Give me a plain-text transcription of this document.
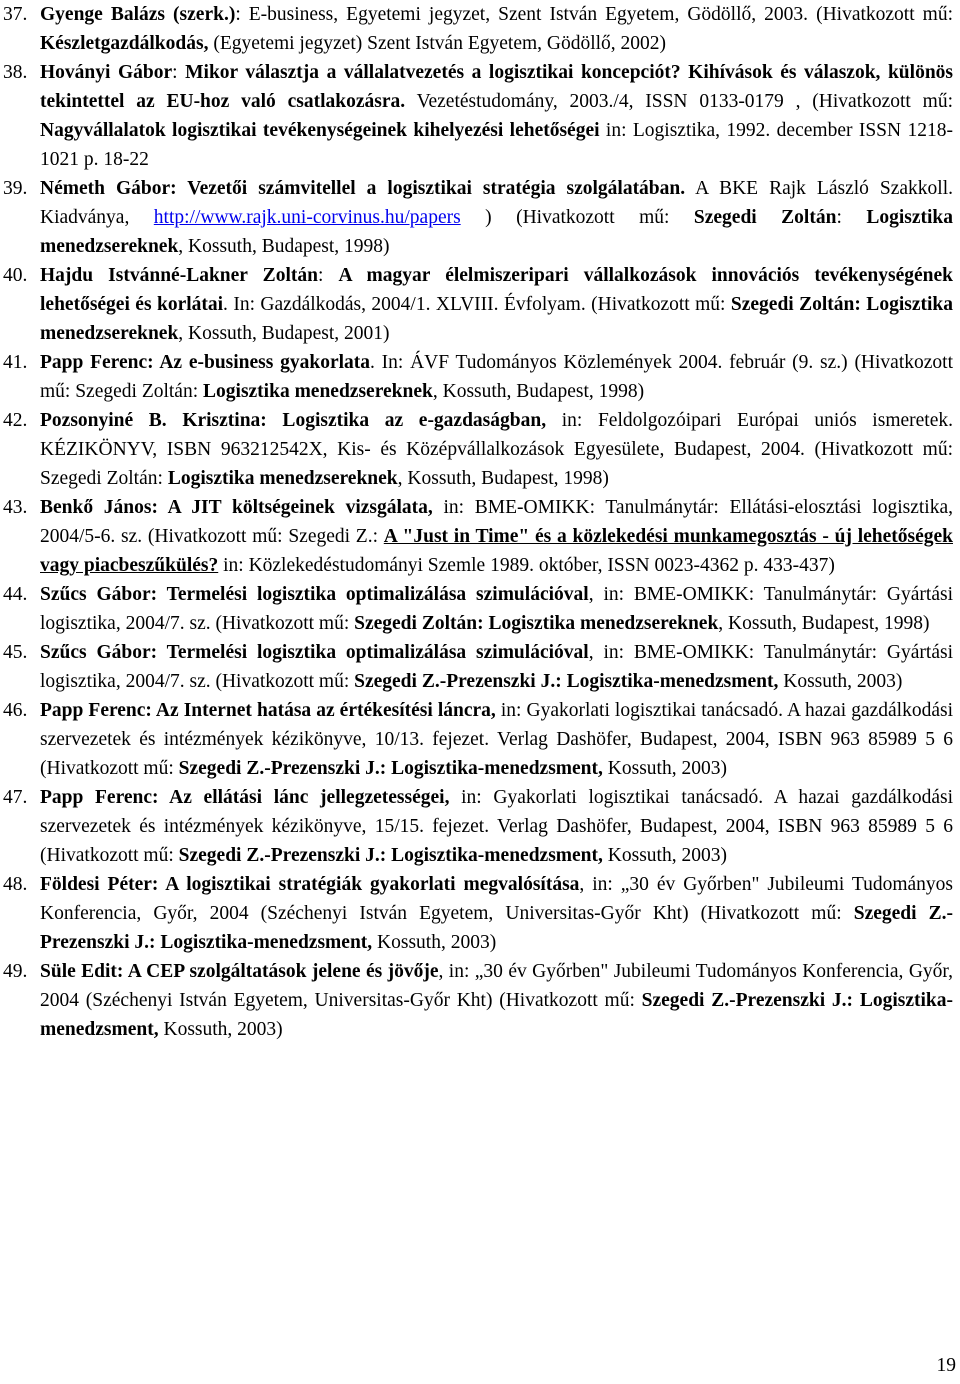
37. Gyenge Balázs (szerk.): E-business, Egyetemi jegyzet, Szent István Egyetem, Gödöllő, 2003. (Hivatkozott mű: Készletgazdálkodás, (Egyetemi jegyzet) Szent István Egyetem, Gödöllő, 2002)
38. Hoványi Gábor: Mikor választja a vállalatvezetés a logisztikai koncepciót? Kihívások és válaszok, különös tekintettel az EU-hoz való csatlakozásra. Vezetéstudomány, 2003./4, ISSN 0133-0179 , (Hivatkozott mű: Nagyvállalatok logisztikai tevékenységeinek kihelyezési lehetőségei in: Logisztika, 1992. december ISSN 1218-1021 p. 18-22
39. Németh Gábor: Vezetői számvitellel a logisztikai stratégia szolgálatában. A BKE Rajk László Szakkoll. Kiadványa, http://www.rajk.uni-corvinus.hu/papers ) (Hivatkozott mű: Szegedi Zoltán: Logisztika menedzsereknek, Kossuth, Budapest, 1998)
40. Hajdu Istvánné-Lakner Zoltán: A magyar élelmiszeripari vállalkozások innovációs tevékenységének lehetőségei és korlátai. In: Gazdálkodás, 2004/1. XLVIII. Évfolyam. (Hivatkozott mű: Szegedi Zoltán: Logisztika menedzsereknek, Kossuth, Budapest, 2001)
41. Papp Ferenc: Az e-business gyakorlata. In: ÁVF Tudományos Közlemények 2004. február (9. sz.) (Hivatkozott mű: Szegedi Zoltán: Logisztika menedzsereknek, Kossuth, Budapest, 1998)
42. Pozsonyiné B. Krisztina: Logisztika az e-gazdaságban, in: Feldolgozóipari Európai uniós ismeretek. KÉZIKÖNYV, ISBN 963212542X, Kis- és Középvállalkozások Egyesülete, Budapest, 2004. (Hivatkozott mű: Szegedi Zoltán: Logisztika menedzsereknek, Kossuth, Budapest, 1998)
43. Benkő János: A JIT költségeinek vizsgálata, in: BME-OMIKK: Tanulmánytár: Ellátási-elosztási logisztika, 2004/5-6. sz. (Hivatkozott mű: Szegedi Z.: A "Just in Time" és a közlekedési munkamegosztás - új lehetőségek vagy piacbeszűkülés? in: Közlekedéstudományi Szemle 1989. október, ISSN 0023-4362 p. 433-437)
44. Szűcs Gábor: Termelési logisztika optimalizálása szimulációval, in: BME-OMIKK: Tanulmánytár: Gyártási logisztika, 2004/7. sz. (Hivatkozott mű: Szegedi Zoltán: Logisztika menedzsereknek, Kossuth, Budapest, 1998)
45. Szűcs Gábor: Termelési logisztika optimalizálása szimulációval, in: BME-OMIKK: Tanulmánytár: Gyártási logisztika, 2004/7. sz. (Hivatkozott mű: Szegedi Z.-Prezenszki J.: Logisztika-menedzsment, Kossuth, 2003)
46. Papp Ferenc: Az Internet hatása az értékesítési láncra, in: Gyakorlati logisztikai tanácsadó. A hazai gazdálkodási szervezetek és intézmények kézikönyve, 10/13. fejezet. Verlag Dashöfer, Budapest, 2004, ISBN 963 85989 5 6 (Hivatkozott mű: Szegedi Z.-Prezenszki J.: Logisztika-menedzsment, Kossuth, 2003)
47. Papp Ferenc: Az ellátási lánc jellegzetességei, in: Gyakorlati logisztikai tanácsadó. A hazai gazdálkodási szervezetek és intézmények kézikönyve, 15/15. fejezet. Verlag Dashöfer, Budapest, 2004, ISBN 963 85989 5 6 (Hivatkozott mű: Szegedi Z.-Prezenszki J.: Logisztika-menedzsment, Kossuth, 2003)
48. Földesi Péter: A logisztikai stratégiák gyakorlati megvalósítása, in: „30 év Győrben" Jubileumi Tudományos Konferencia, Győr, 2004 (Széchenyi István Egyetem, Universitas-Győr Kht) (Hivatkozott mű: Szegedi Z.-Prezenszki J.: Logisztika-menedzsment, Kossuth, 2003)
49. Süle Edit: A CEP szolgáltatások jelene és jövője, in: „30 év Győrben" Jubileumi Tudományos Konferencia, Győr, 2004 (Széchenyi István Egyetem, Universitas-Győr Kht) (Hivatkozott mű: Szegedi Z.-Prezenszki J.: Logisztika-menedzsment, Kossuth, 2003)
19
